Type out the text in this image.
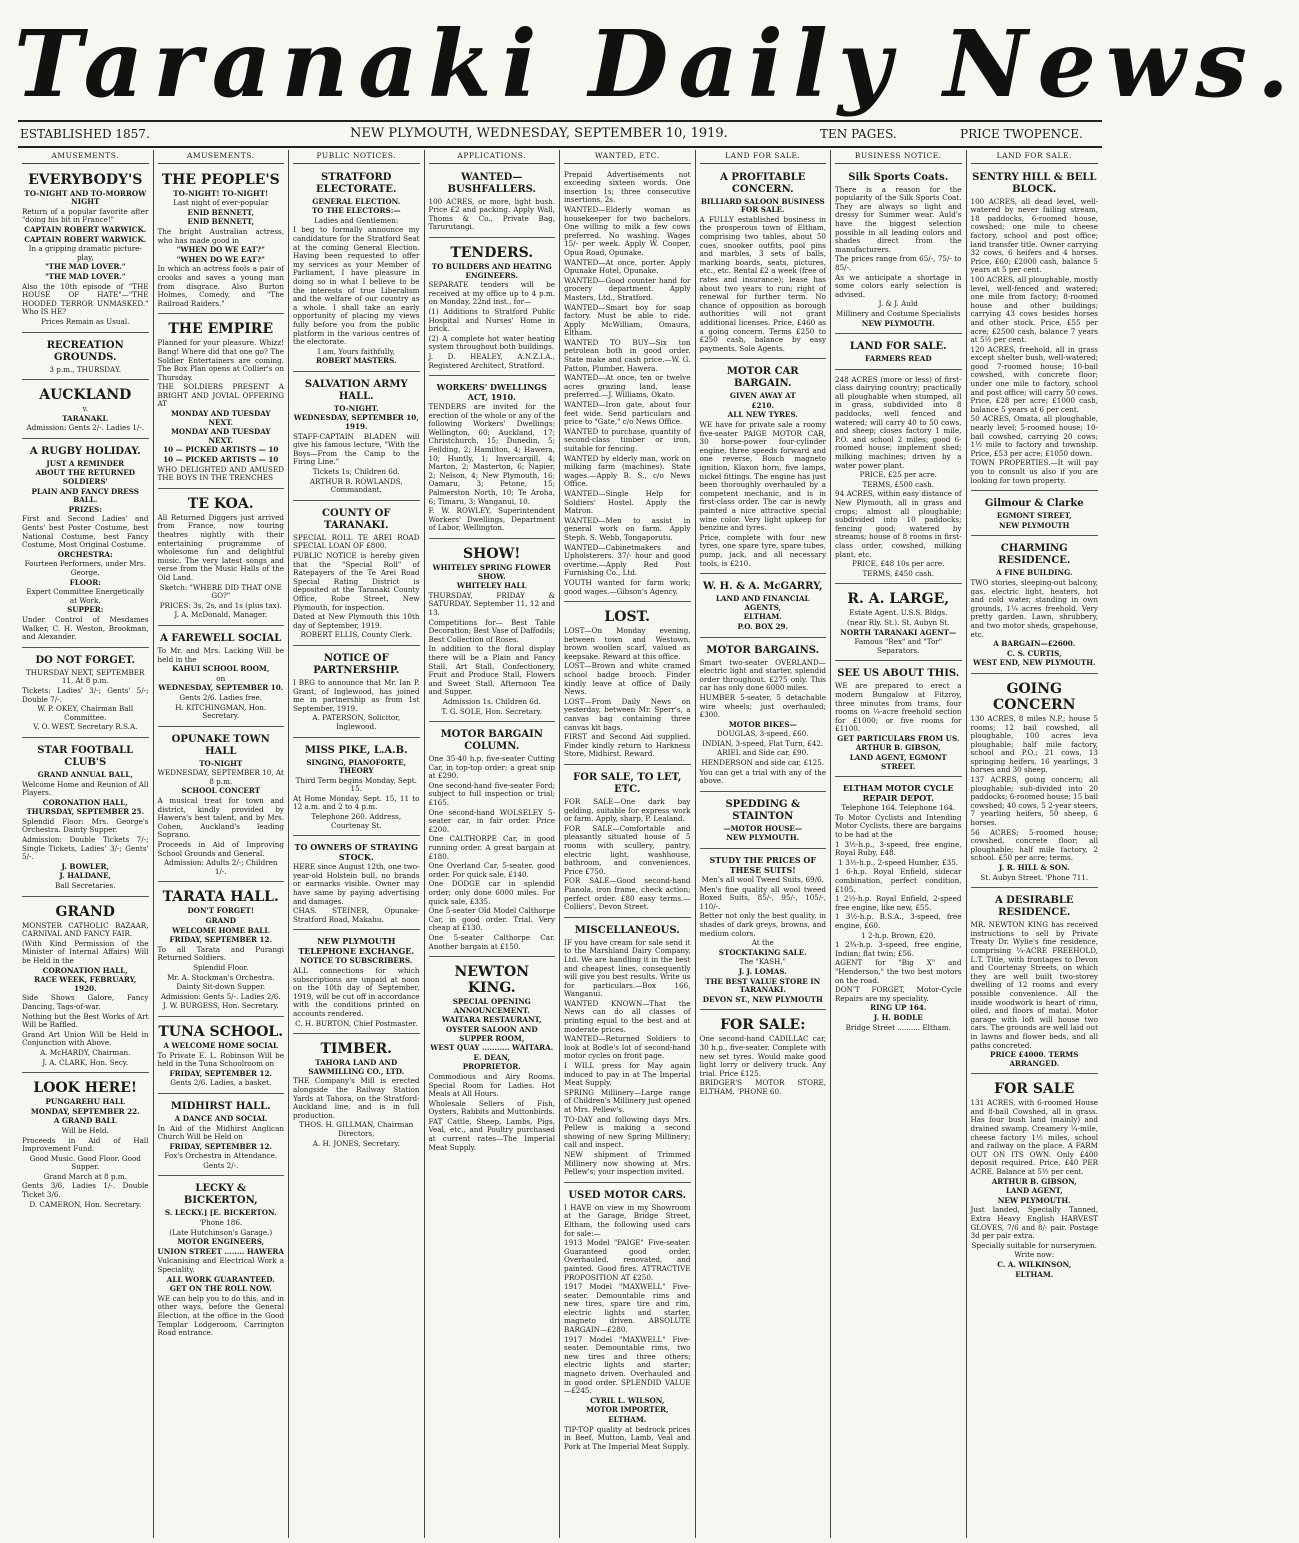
Taranaki Daily News.
ESTABLISHED 1857.	NEW PLYMOUTH, WEDNESDAY, SEPTEMBER 10, 1919.	TEN PAGES.	PRICE TWOPENCE.
AMUSEMENTS.
EVERYBODY'S
TO-NIGHT AND TO-MORROW NIGHT
Return of a popular favorite after "doing his bit in France!"
CAPTAIN ROBERT WARWICK.
CAPTAIN ROBERT WARWICK.
In a gripping dramatic picture-play,
"THE MAD LOVER."
"THE MAD LOVER."
Also the 10th episode of "THE HOUSE OF HATE"—"THE HOODED TERROR UNMASKED." Who IS HE?
Prices Remain as Usual.
RECREATION GROUNDS.
3 p.m., THURSDAY.
AUCKLAND
v.
TARANAKI.
Admission: Gents 2/-. Ladies 1/-.
A RUGBY HOLIDAY.
JUST A REMINDER
ABOUT THE RETURNED SOLDIERS'
PLAIN AND FANCY DRESS BALL.
PRIZES:
First and Second Ladies' and Gents' best Poster Costume, best National Costume, best Fancy Costume, Most Original Costume.
ORCHESTRA:
Fourteen Performers, under Mrs. George.
FLOOR:
Expert Committee Energetically at Work.
SUPPER:
Under Control of Mesdames Walker, C. H. Weston, Brookman, and Alexander.
DO NOT FORGET.
THURSDAY NEXT, SEPTEMBER 11, At 8 p.m.
Tickets: Ladies' 3/-; Gents' 5/-; Double 7/-.
W. P. OKEY, Chairman Ball Committee.
V. O. WEST, Secretary R.S.A.
STAR FOOTBALL CLUB'S
GRAND ANNUAL BALL,
Welcome Home and Reunion of All Players.
CORONATION HALL,
THURSDAY, SEPTEMBER 25.
Splendid Floor: Mrs. George's Orchestra. Dainty Supper.
Admission: Double Tickets 7/-; Single Tickets, Ladies' 3/-; Gents' 5/-.
J. BOWLER,
J. HALDANE,
Ball Secretaries.
GRAND
MONSTER CATHOLIC BAZAAR, CARNIVAL AND FANCY FAIR.
(With Kind Permission of the Minister of Internal Affairs) Will be Held in the
CORONATION HALL,
RACE WEEK, FEBRUARY, 1920.
Side Shows Galore, Fancy Dancing, Tags-of-war.
Nothing but the Best Works of Art Will be Raffled.
Grand Art Union Will be Held in Conjunction with Above.
A. McHARDY, Chairman.
J. A. CLARK, Hon. Secy.
LOOK HERE!
PUNGAREHU HALL
MONDAY, SEPTEMBER 22.
A GRAND BALL
Will be Held.
Proceeds in Aid of Hall Improvement Fund.
Good Music. Good Floor. Good Supper.
Grand March at 8 p.m.
Gents 3/6, Ladies 1/-. Double Ticket 3/6.
D. CAMERON, Hon. Secretary.
AMUSEMENTS.
THE PEOPLE'S
TO-NIGHT! TO-NIGHT!
Last night of ever-popular
ENID BENNETT,
ENID BENNETT,
The bright Australian actress, who has made good in
"WHEN DO WE EAT?"
"WHEN DO WE EAT?"
In which an actress fools a pair of crooks and saves a young man from disgrace. Also Burton Holmes, Comedy, and "The Railroad Raiders."
THE EMPIRE
Planned for your pleasure. Whizz! Bang! Where did that one go? The Soldier Entertainers are coming. The Box Plan opens at Collier's on Thursday.
THE SOLDIERS PRESENT A BRIGHT AND JOVIAL OFFERING AT
MONDAY AND TUESDAY NEXT.
MONDAY AND TUESDAY NEXT.
10 — PICKED ARTISTS — 10
10 — PICKED ARTISTS — 10
WHO DELIGHTED AND AMUSED THE BOYS IN THE TRENCHES
TE KOA.
All Returned Diggers just arrived from France, now touring theatres nightly with their entertaining programme of wholesome fun and delightful music. The very latest songs and verse from the Music Halls of the Old Land.
Sketch: "WHERE DID THAT ONE GO?"
PRICES: 3s, 2s, and 1s (plus tax).
J. A. McDonald, Manager.
A FAREWELL SOCIAL
To Mr. and Mrs. Lacking Will be held in the
KAHUI SCHOOL ROOM,
on
WEDNESDAY, SEPTEMBER 10.
Gents 2/6. Ladies free.
H. KITCHINGMAN, Hon. Secretary.
OPUNAKE TOWN HALL
TO-NIGHT
WEDNESDAY, SEPTEMBER 10, At 8 p.m.
SCHOOL CONCERT
A musical treat for town and district, kindly provided by Hawera's best talent, and by Mrs. Cohen, Auckland's leading Soprano.
Proceeds in Aid of Improving School Grounds and General.
Admission: Adults 2/-; Children 1/-.
TARATA HALL.
DON'T FORGET!
GRAND
WELCOME HOME BALL
FRIDAY, SEPTEMBER 12.
To all Tarata and Purangi Returned Soldiers.
Splendid Floor.
Mr. A. Stockman's Orchestra.
Dainty Sit-down Supper.
Admission: Gents 5/-. Ladies 2/6.
J. W. BURGESS, Hon. Secretary.
TUNA SCHOOL.
A WELCOME HOME SOCIAL
To Private E. L. Robinson Will be held in the Tuna Schoolroom on
FRIDAY, SEPTEMBER 12.
Gents 2/6. Ladies, a basket.
MIDHIRST HALL.
A DANCE AND SOCIAL
In Aid of the Midhirst Anglican Church Will be Held on
FRIDAY, SEPTEMBER 12.
Fox's Orchestra in Attendance.
Gents 2/-.
LECKY & BICKERTON,
S. LECKY.] [E. BICKERTON.
'Phone 186.
(Late Hutchinson's Garage.)
MOTOR ENGINEERS,
UNION STREET ........ HAWERA
Vulcanising and Electrical Work a Speciality.
ALL WORK GUARANTEED.
GET ON THE ROLL NOW.
WE can help you to do this, and in other ways, before the General Election, at the office in the Good Templar Lodgeroom, Carrington Road entrance.
PUBLIC NOTICES.
STRATFORD ELECTORATE.
GENERAL ELECTION.
TO THE ELECTORS:—
Ladies and Gentlemen:
I beg to formally announce my candidature for the Stratford Seat at the coming General Election. Having been requested to offer my services as your Member of Parliament, I have pleasure in doing so in what I believe to be the interests of true Liberalism and the welfare of our country as a whole. I shall take an early opportunity of placing my views fully before you from the public platform in the various centres of the electorate.
I am, Yours faithfully,
ROBERT MASTERS.
SALVATION ARMY HALL.
TO-NIGHT.
WEDNESDAY, SEPTEMBER 10, 1919.
STAFF-CAPTAIN BLADEN will give his famous lecture, "With the Boys—From the Camp to the Firing Line."
Tickets 1s; Children 6d.
ARTHUR B. ROWLANDS, Commandant.
COUNTY OF TARANAKI.
SPECIAL ROLL TE AREI ROAD SPECIAL LOAN OF £800.
PUBLIC NOTICE is hereby given that the "Special Roll" of Ratepayers of the Te Arei Road Special Rating District is deposited at the Taranaki County Office, Robe Street, New Plymouth, for inspection.
Dated at New Plymouth this 10th day of September, 1919.
ROBERT ELLIS, County Clerk.
NOTICE OF PARTNERSHIP.
I BEG to announce that Mr. Ian P. Grant, of Inglewood, has joined me in partnership as from 1st September, 1919.
A. PATERSON, Solicitor, Inglewood.
MISS PIKE, L.A.B.
SINGING, PIANOFORTE, THEORY
Third Term begins Monday, Sept. 15.
At Home Monday, Sept. 15, 11 to 12 a.m. and 2 to 4 p.m.
Telephone 260. Address, Courtenay St.
TO OWNERS OF STRAYING STOCK.
HERE since August 12th, one two-year-old Holstein bull, no brands or earmarks visible. Owner may have same by paying advertising and damages.
CHAS. STEINER, Opunake-Stratford Road, Makahu.
NEW PLYMOUTH TELEPHONE EXCHANGE.
NOTICE TO SUBSCRIBERS.
ALL connections for which subscriptions are unpaid at noon on the 10th day of September, 1919, will be cut off in accordance with the conditions printed on accounts rendered.
C. H. BURTON, Chief Postmaster.
TIMBER.
TAHORA LAND AND SAWMILLING CO., LTD.
THE Company's Mill is erected alongside the Railway Station Yards at Tahora, on the Stratford-Auckland line, and is in full production.
THOS. H. GILLMAN, Chairman Directors,
A. H. JONES, Secretary.
APPLICATIONS.
WANTED—BUSHFALLERS.
100 ACRES, or more, light bush. Price £2 and packing. Apply Wall, Thoms & Co., Private Bag, Tarurutangi.
TENDERS.
TO BUILDERS AND HEATING ENGINEERS.
SEPARATE tenders will be received at my office up to 4 p.m. on Monday, 22nd inst., for—
(1) Additions to Stratford Public Hospital and Nurses' Home in brick.
(2) A complete hot water heating system throughout both buildings.
J. D. HEALEY, A.N.Z.I.A., Registered Architect, Stratford.
WORKERS' DWELLINGS ACT, 1910.
TENDERS are invited for the erection of the whole or any of the following Workers' Dwellings: Wellington, 60; Auckland, 17; Christchurch, 15; Dunedin, 5; Feilding, 2; Hamilton, 4; Hawera, 10; Huntly, 1; Invercargill, 4; Marton, 2; Masterton, 6; Napier, 2; Nelson, 4; New Plymouth, 16; Oamaru, 3; Petone, 15; Palmerston North, 10; Te Aroha, 6; Timaru, 3; Wanganui, 10.
F. W. ROWLEY, Superintendent Workers' Dwellings, Department of Labor, Wellington.
SHOW!
WHITELEY SPRING FLOWER SHOW.
WHITELEY HALL
THURSDAY, FRIDAY & SATURDAY, September 11, 12 and 13.
Competitions for— Best Table Decoration; Best Vase of Daffodils; Best Collection of Roses.
In addition to the floral display there will be a Plain and Fancy Stall, Art Stall, Confectionery, Fruit and Produce Stall, Flowers and Sweet Stall, Afternoon Tea and Supper.
Admission 1s. Children 6d.
T. G. SOLE, Hon. Secretary.
MOTOR BARGAIN COLUMN.
One 35-40 h.p. five-seater Cutting Car, in top-top order; a great snip at £290.
One second-hand five-seater Ford; subject to full inspection or trial; £165.
One second-hand WOLSELEY 5-seater car, in fair order. Price £200.
One CALTHORPE Car, in good running order. A great bargain at £180.
One Overland Car, 5-seater, good order. For quick sale, £140.
One DODGE car in splendid order; only done 6000 miles. For quick sale, £335.
One 5-seater Old Model Calthorpe Car, in good order. Trial. Very cheap at £130.
One 5-seater Calthorpe Car. Another bargain at £150.
NEWTON KING.
SPECIAL OPENING ANNOUNCEMENT.
WAITARA RESTAURANT,
OYSTER SALOON AND SUPPER ROOM,
WEST QUAY ........... WAITARA.
E. DEAN,
PROPRIETOR.
Commodious and Airy Rooms. Special Room for Ladies. Hot Meals at All Hours.
Wholesale Sellers of Fish, Oysters, Rabbits and Muttonbirds.
FAT Cattle, Sheep, Lambs, Pigs, Veal, etc., and Poultry purchased at current rates—The Imperial Meat Supply.
WANTED, ETC.
Prepaid Advertisements not exceeding sixteen words. One insertion 1s; three consecutive insertions, 2s.
WANTED—Elderly woman as housekeeper for two bachelors. One willing to milk a few cows preferred. No washing. Wages 15/- per week. Apply W. Cooper, Opua Road, Opunake.
WANTED—At once, porter. Apply Opunake Hotel, Opunake.
WANTED—Good counter hand for grocery department. Apply Masters, Ltd., Stratford.
WANTED—Smart boy for soap factory. Must be able to ride. Apply McWilliam, Omaura, Eltham.
WANTED TO BUY—Six ton petrolean both in good order. State make and cash price.—W. G. Patton, Plumber, Hawera.
WANTED—At once, ten or twelve acres grazing land, lease preferred.—J. Williams, Okato.
WANTED—Iron gate, about four feet wide. Send particulars and price to "Gate," c/o News Office.
WANTED to purchase, quantity of second-class timber or iron, suitable for fencing.
WANTED by elderly man, work on milking farm (machines). State wages.—Apply B. S., c/o News Office.
WANTED—Single Help for Soldiers' Hostel. Apply the Matron.
WANTED—Men to assist in general work on farm. Apply Steph. S. Webb, Tongaporutu.
WANTED—Cabinetmakers and Upholsterers. 37/- hour and good overtime.—Apply Red Post Furnishing Co., Ltd.
YOUTH wanted for farm work; good wages.—Gibson's Agency.
LOST.
LOST—On Monday evening, between town and Westown, brown woollen scarf, valued as keepsake. Reward at this office.
LOST—Brown and white cramed school badge brooch. Finder kindly leave at office of Daily News.
LOST—From Daily News on yesterday, between Mr. Sperr's, a canvas bag containing three canvas kit bags.
FIRST and Second Aid supplied. Finder kindly return to Harkness Store, Midhirst. Reward.
FOR SALE, TO LET, ETC.
FOR SALE—One dark bay gelding, suitable for express work or farm. Apply, sharp, P. Lealand.
FOR SALE—Comfortable and pleasantly situated house of 5 rooms with scullery, pantry, electric light, washhouse, bathroom, and conveniences. Price £750.
FOR SALE—Good second-hand Pianola, iron frame, check action; perfect order. £80 easy terms.—Colliers', Devon Street.
MISCELLANEOUS.
IF you have cream for sale send it to the Marshland Dairy Company, Ltd. We are handling it in the best and cheapest lines, consequently will give you best results. Write us for particulars.—Box 166, Wanganui.
WANTED KNOWN—That the News can do all classes of printing equal to the best and at moderate prices.
WANTED—Returned Soldiers to look at Bodle's lot of second-hand motor cycles on front page.
I WILL press for May again induced to pay in at The Imperial Meat Supply.
SPRING Millinery—Large range of Children's Millinery just opened at Mrs. Pellew's.
TO-DAY and following days Mrs. Pellew is making a second showing of new Spring Millinery; call and inspect.
NEW shipment of Trimmed Millinery now showing at Mrs. Pellew's; your inspection invited.
USED MOTOR CARS.
I HAVE on view in my Showroom at the Garage, Bridge Street, Eltham, the following used cars for sale:—
1913 Model "PAIGE" Five-seater. Guaranteed good order. Overhauled, renovated, and painted. Good fires. ATTRACTIVE PROPOSITION AT £250.
1917 Model "MAXWELL" Five-seater. Demountable rims and new tires, spare tire and rim, electric lights and starter, magneto driven. ABSOLUTE BARGAIN—£280.
1917 Model "MAXWELL" Five-seater. Demountable rims, two new tires and three others; electric lights and starter; magneto driven. Overhauled and in good order. SPLENDID VALUE—£245.
CYRIL L. WILSON,
MOTOR IMPORTER,
ELTHAM.
TIP-TOP quality at bedrock prices in Beef, Mutton, Lamb, Veal and Pork at The Imperial Meat Supply.
LAND FOR SALE.
A PROFITABLE CONCERN.
BILLIARD SALOON BUSINESS FOR SALE.
A FULLY established business in the prosperous town of Eltham, comprising two tables, about 50 cues, snooker outfits, pool pins and marbles, 3 sets of balls, marking boards, seats, pictures, etc., etc. Rental £2 a week (free of rates and insurance); lease has about two years to run; right of renewal for further term. No chance of opposition as borough authorities will not grant additional licenses. Price, £460 as a going concern. Terms £250 to £250 cash, balance by easy payments. Sole Agents.
MOTOR CAR BARGAIN.
GIVEN AWAY AT
£210.
ALL NEW TYRES.
WE have for private sale a roomy five-seater PAIGE MOTOR CAR, 30 horse-power four-cylinder engine, three speeds forward and one reverse, Bosch magneto ignition, Klaxon horn, five lamps, nickel fittings. The engine has just been thoroughly overhauled by a competent mechanic, and is in first-class order. The car is newly painted a nice attractive special wine color. Very light upkeep for benzine and tyres.
Price, complete with four new tyres, one spare tyre, spare tubes, pump, jack, and all necessary tools, is £210.
W. H. & A. McGARRY,
LAND AND FINANCIAL AGENTS,
ELTHAM.
P.O. BOX 29.
MOTOR BARGAINS.
Smart two-seater OVERLAND—electric light and starter, splendid order throughout. £275 only. This car has only done 6000 miles.
HUMBER 5-seater, 5 detachable wire wheels; just overhauled; £300.
MOTOR BIKES—
DOUGLAS, 3-speed, £60.
INDIAN, 3-speed, Flat Turn, £42.
ARIEL and Side car, £90.
HENDERSON and side car, £125.
You can get a trial with any of the above.
SPEDDING & STAINTON
—MOTOR HOUSE—
NEW PLYMOUTH.
STUDY THE PRICES OF THESE SUITS!
Men's all wool Tweed Suits, 69/6.
Men's fine quality all wool tweed Boxed Suits, 85/-, 95/-, 105/-, 110/-.
Better not only the best quality, in shades of dark greys, browns, and medium colors.
At the
STOCKTAKING SALE.
The "KASH,"
J. J. LOMAS.
THE BEST VALUE STORE IN TARANAKI.
DEVON ST., NEW PLYMOUTH
FOR SALE:
One second-hand CADILLAC car, 30 h.p., five-seater. Complete with new set tyres. Would make good light lorry or delivery truck. Any trial. Price £125.
BRIDGER'S MOTOR STORE, ELTHAM. 'PHONE 60.
BUSINESS NOTICE.
Silk Sports Coats.
There is a reason for the popularity of the Silk Sports Coat. They are always so light and dressy for Summer wear. Auld's have the biggest selection possible in all leading colors and shades direct from the manufacturers.
The prices range from 65/-, 75/- to 85/-.
As we anticipate a shortage in some colors early selection is advised.
J. & J. Auld
Millinery and Costume Specialists
NEW PLYMOUTH.
LAND FOR SALE.
FARMERS READ
248 ACRES (more or less) of first-class dairying country; practically all ploughable when stumped, all in grass, subdivided into 8 paddocks, well fenced and watered; will carry 40 to 50 cows, and sheep; closes factory 1 mile, P.O. and school 2 miles; good 6-roomed house; implement shed; milking machines; driven by a water power plant.
PRICE, £25 per acre.
TERMS, £500 cash.
94 ACRES, within easy distance of New Plymouth, all in grass and crops; almost all ploughable; subdivided into 10 paddocks; fencing good; watered by streams; house of 8 rooms in first-class order, cowshed, milking plant, etc.
PRICE, £48 10s per acre.
TERMS, £450 cash.
R. A. LARGE,
Estate Agent. U.S.S. Bldgs.
(near Rly. St.). St. Aubyn St.
NORTH TARANAKI AGENT—
Famous "Rex" and "Tor" Separators.
SEE US ABOUT THIS.
WE are prepared to erect a modern Bungalow at Fitzroy, three minutes from trams, four rooms on ¼-acre freehold section for £1000; or five rooms for £1100.
GET PARTICULARS FROM US.
ARTHUR B. GIBSON,
LAND AGENT, EGMONT STREET.
ELTHAM MOTOR CYCLE REPAIR DEPOT.
Telephone 164. Telephone 164.
To Motor Cyclists and Intending Motor Cyclists, there are bargains to be had at the
1 3½-h.p., 3-speed, free engine, Royal Ruby, £48.
1 3½-h.p., 2-speed Humber, £35.
1 6-h.p. Royal Enfield, sidecar combination, perfect condition, £105.
1 2½-h.p. Royal Enfield, 2-speed free engine, like new, £55.
1 3½-h.p. B.S.A., 3-speed, free engine, £60.
1 2-h.p. Brown, £20.
1 2¾-h.p. 3-speed, free engine, Indian; flat twin; £56.
AGENT for "Big X" and "Henderson," the two best motors on the road.
DON'T FORGET, Motor-Cycle Repairs are my speciality.
RING UP 164.
J. H. BODLE
Bridge Street .......... Eltham.
LAND FOR SALE.
SENTRY HILL & BELL BLOCK.
100 ACRES, all dead level, well-watered by never failing stream, 18 paddocks, 6-roomed house, cowshed; one mile to cheese factory, school and post office; land transfer title. Owner carrying 32 cows, 6 heifers and 4 horses. Price, £60; £2000 cash, balance 5 years at 5 per cent.
100 ACRES, all ploughable, mostly level, well-fenced and watered; one mile from factory; 8-roomed house and other buildings; carrying 43 cows besides horses and other stock. Price, £55 per acre; £2500 cash, balance 7 years at 5½ per cent.
120 ACRES, freehold, all in grass except shelter bush, well-watered; good 7-roomed house; 10-bail cowshed, with concrete floor; under one mile to factory, school and post office; will carry 50 cows. Price, £28 per acre; £1000 cash, balance 5 years at 6 per cent.
50 ACRES, Omata, all ploughable, nearly level; 5-roomed house; 10-bail cowshed, carrying 20 cows; 1½ mile to factory and township. Price, £53 per acre; £1050 down.
TOWN PROPERTIES.—It will pay you to consult us also if you are looking for town property.
Gilmour & Clarke
EGMONT STREET,
NEW PLYMOUTH
CHARMING RESIDENCE.
A FINE BUILDING.
TWO stories, sleeping-out balcony, gas, electric light, heaters, hot and cold water, standing in own grounds, 1¼ acres freehold. Very pretty garden. Lawn, shrubbery, and two motor sheds, grapehouse, etc.
A BARGAIN—£2600.
C. S. CURTIS,
WEST END, NEW PLYMOUTH.
GOING CONCERN
130 ACRES, 8 miles N.P.; house 5 rooms; 12 bail cowshed, all ploughable, 100 acres leva ploughable; half mile factory, school and P.O.; 21 cows, 13 springing heifers, 16 yearlings, 3 horses and 30 sheep.
137 ACRES, going concern; all ploughable; sub-divided into 20 paddocks; 6-roomed house; 15 bail cowshed; 40 cows, 5 2-year steers, 7 yearling heifers, 50 sheep, 6 horses.
56 ACRES; 5-roomed house; cowshed, concrete floor; all ploughable; half mile factory, 2 school. £50 per acre; terms.
J. R. HILL & SON.
St. Aubyn Street. 'Phone 711.
A DESIRABLE RESIDENCE.
MR. NEWTON KING has received instructions to sell by Private Treaty Dr. Wylie's fine residence, comprising ¼-ACRE FREEHOLD, L.T. Title, with frontages to Devon and Courtenay Streets, on which they are well built two-storey dwelling of 12 rooms and every possible convenience. All the inside woodwork is heart of rimu, oiled, and floors of matai. Motor garage with loft will house two cars. The grounds are well laid out in lawns and flower beds, and all paths concreted.
PRICE £4000. TERMS ARRANGED.
FOR SALE
131 ACRES, with 6-roomed House and 8-bail Cowshed, all in grass. Has four bush land (mainly) and drained swamp. Creamery ¼-mile, cheese factory 1½ miles, school and railway on the place. A FARM OUT ON ITS OWN. Only £400 deposit required. Price, £40 PER ACRE. Balance at 5½ per cent.
ARTHUR B. GIBSON,
LAND AGENT,
NEW PLYMOUTH.
Just landed, Specially Tanned, Extra Heavy English HARVEST GLOVES, 7/6 and 8/- pair. Postage 3d per pair extra.
Specially suitable for nurserymen.
Write now:
C. A. WILKINSON,
ELTHAM.
